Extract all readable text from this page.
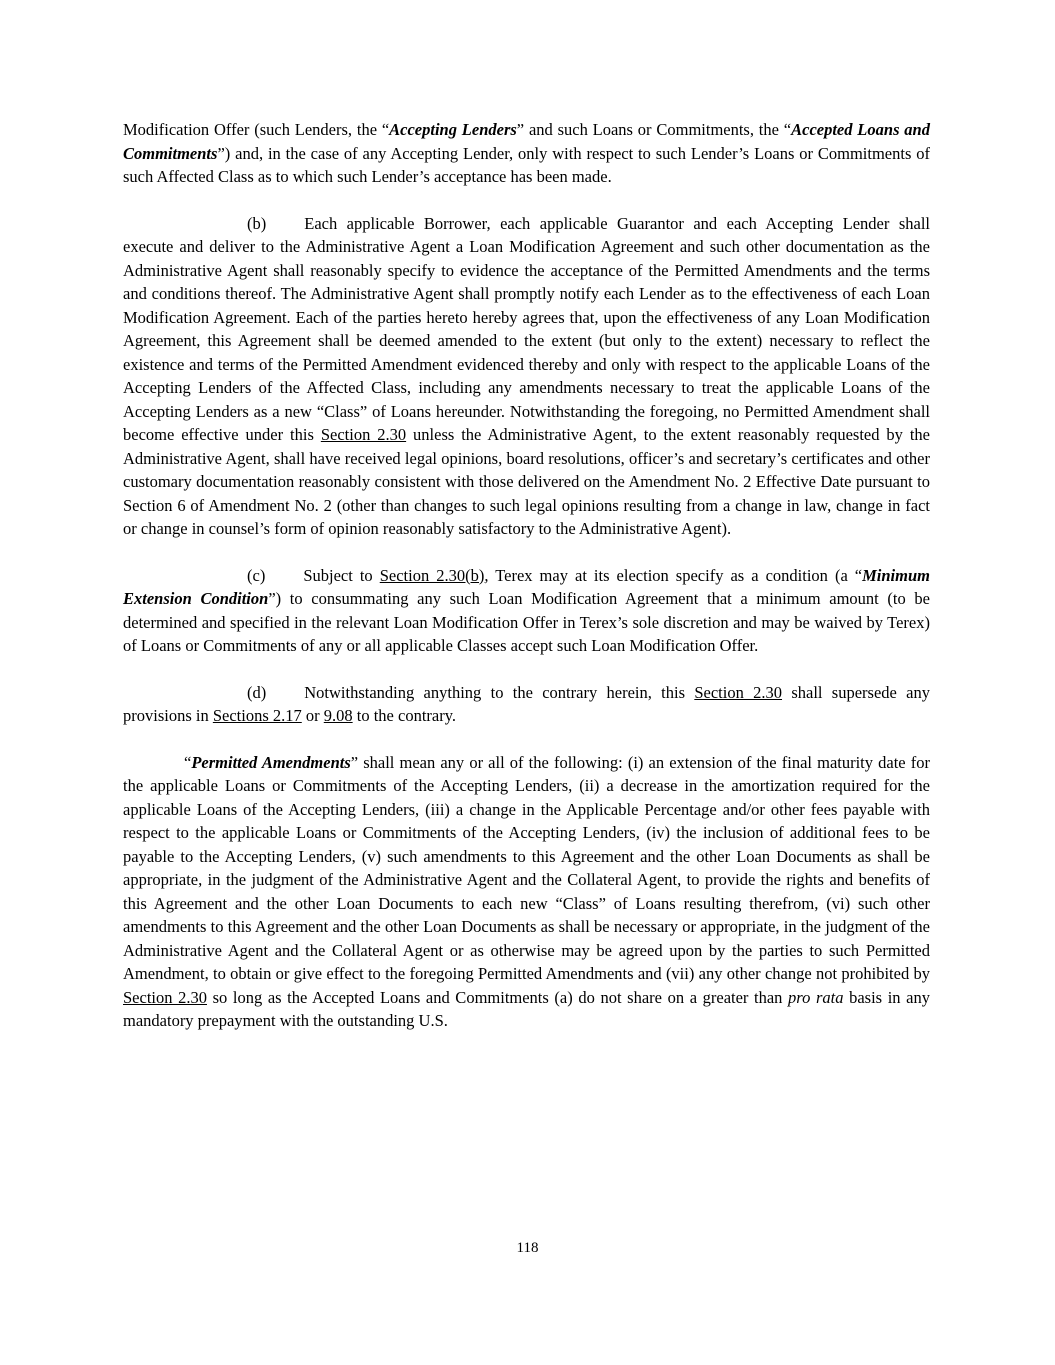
Modification Offer (such Lenders, the “Accepting Lenders” and such Loans or Commitments, the “Accepted Loans and Commitments”) and, in the case of any Accepting Lender, only with respect to such Lender’s Loans or Commitments of such Affected Class as to which such Lender’s acceptance has been made.

(b) Each applicable Borrower, each applicable Guarantor and each Accepting Lender shall execute and deliver to the Administrative Agent a Loan Modification Agreement and such other documentation as the Administrative Agent shall reasonably specify to evidence the acceptance of the Permitted Amendments and the terms and conditions thereof. The Administrative Agent shall promptly notify each Lender as to the effectiveness of each Loan Modification Agreement. Each of the parties hereto hereby agrees that, upon the effectiveness of any Loan Modification Agreement, this Agreement shall be deemed amended to the extent (but only to the extent) necessary to reflect the existence and terms of the Permitted Amendment evidenced thereby and only with respect to the applicable Loans of the Accepting Lenders of the Affected Class, including any amendments necessary to treat the applicable Loans of the Accepting Lenders as a new “Class” of Loans hereunder. Notwithstanding the foregoing, no Permitted Amendment shall become effective under this Section 2.30 unless the Administrative Agent, to the extent reasonably requested by the Administrative Agent, shall have received legal opinions, board resolutions, officer’s and secretary’s certificates and other customary documentation reasonably consistent with those delivered on the Amendment No. 2 Effective Date pursuant to Section 6 of Amendment No. 2 (other than changes to such legal opinions resulting from a change in law, change in fact or change in counsel’s form of opinion reasonably satisfactory to the Administrative Agent).

(c) Subject to Section 2.30(b), Terex may at its election specify as a condition (a “Minimum Extension Condition”) to consummating any such Loan Modification Agreement that a minimum amount (to be determined and specified in the relevant Loan Modification Offer in Terex’s sole discretion and may be waived by Terex) of Loans or Commitments of any or all applicable Classes accept such Loan Modification Offer.

(d) Notwithstanding anything to the contrary herein, this Section 2.30 shall supersede any provisions in Sections 2.17 or 9.08 to the contrary.

“Permitted Amendments” shall mean any or all of the following: (i) an extension of the final maturity date for the applicable Loans or Commitments of the Accepting Lenders, (ii) a decrease in the amortization required for the applicable Loans of the Accepting Lenders, (iii) a change in the Applicable Percentage and/or other fees payable with respect to the applicable Loans or Commitments of the Accepting Lenders, (iv) the inclusion of additional fees to be payable to the Accepting Lenders, (v) such amendments to this Agreement and the other Loan Documents as shall be appropriate, in the judgment of the Administrative Agent and the Collateral Agent, to provide the rights and benefits of this Agreement and the other Loan Documents to each new “Class” of Loans resulting therefrom, (vi) such other amendments to this Agreement and the other Loan Documents as shall be necessary or appropriate, in the judgment of the Administrative Agent and the Collateral Agent or as otherwise may be agreed upon by the parties to such Permitted Amendment, to obtain or give effect to the foregoing Permitted Amendments and (vii) any other change not prohibited by Section 2.30 so long as the Accepted Loans and Commitments (a) do not share on a greater than pro rata basis in any mandatory prepayment with the outstanding U.S.

118
